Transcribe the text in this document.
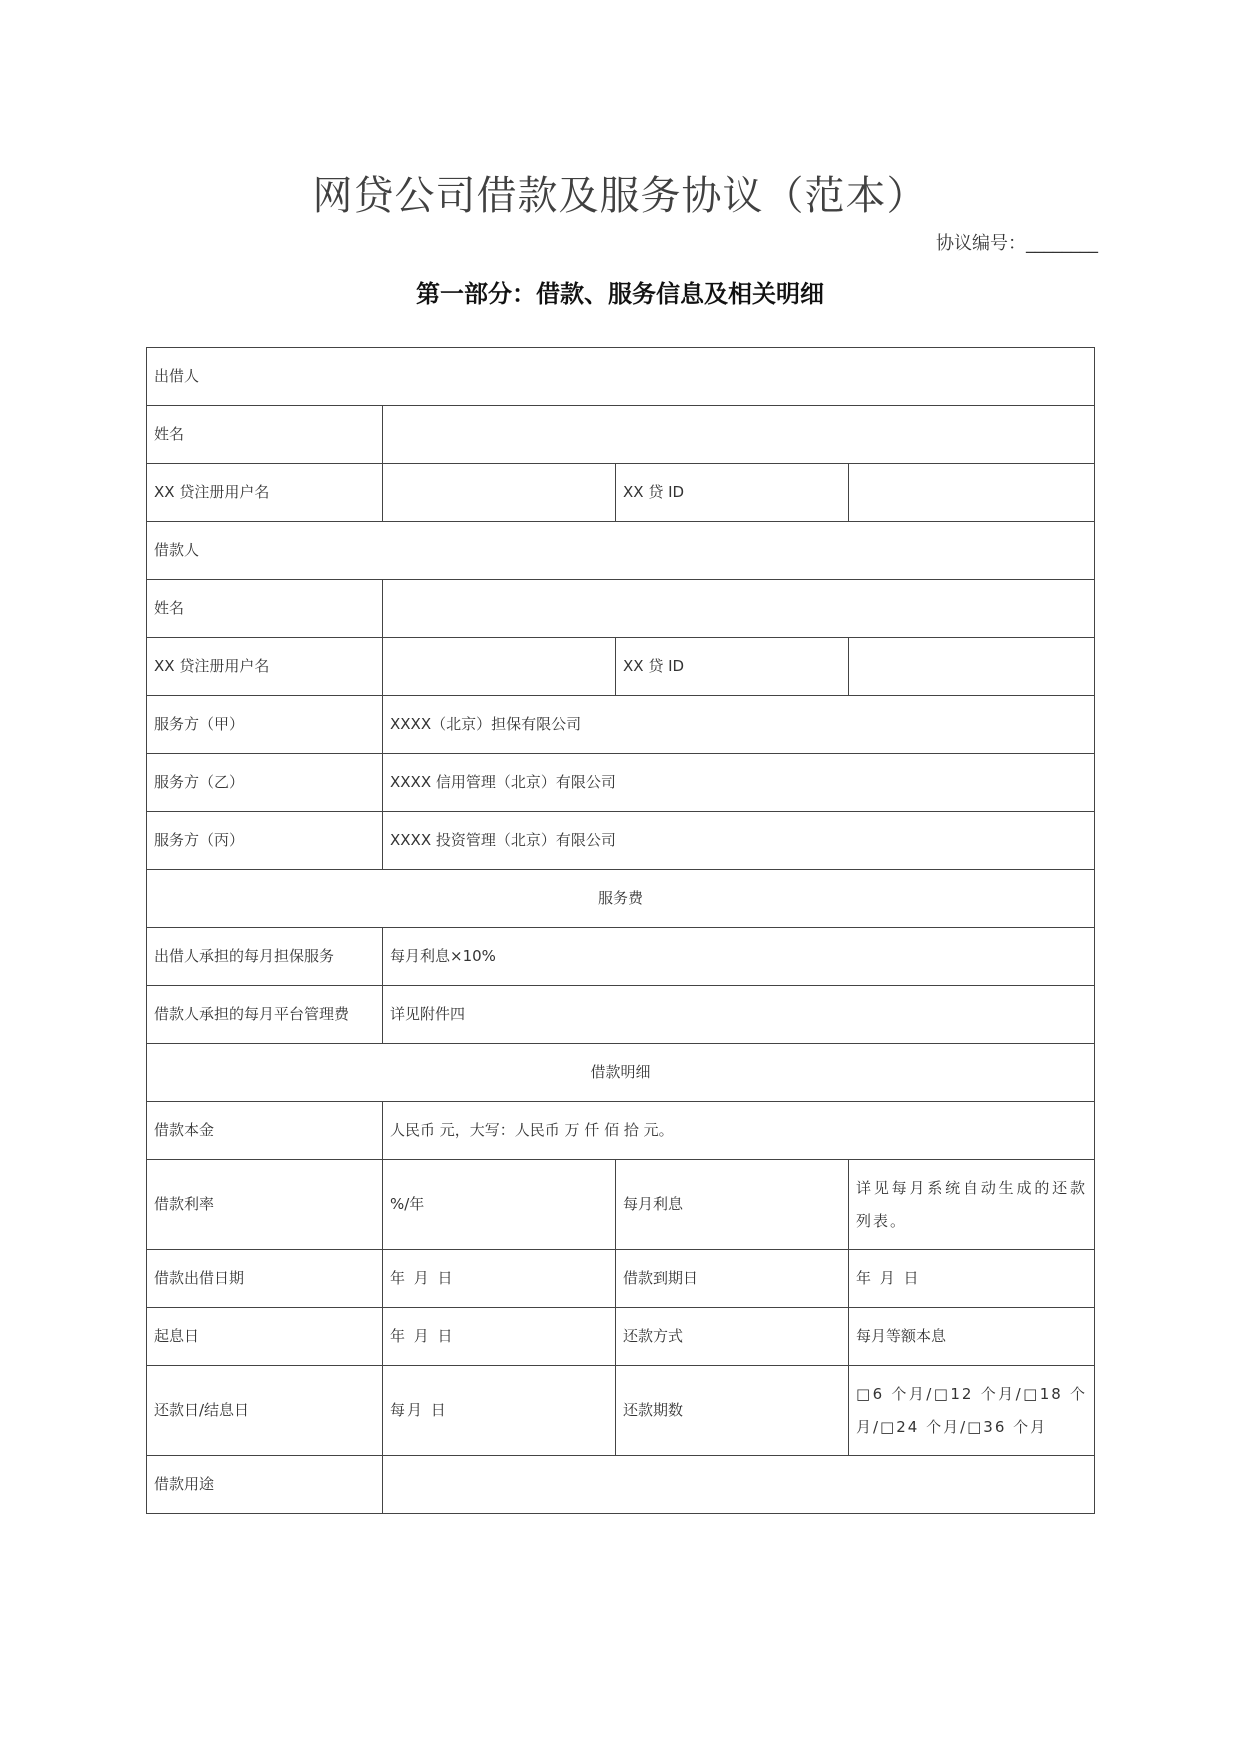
网贷公司借款及服务协议（范本）
协议编号：________
第一部分：借款、服务信息及相关明细
出借人			
姓名			
XX 贷注册用户名		XX 贷 ID	
借款人			
姓名			
XX 贷注册用户名		XX 贷 ID	
服务方（甲）	XXXX（北京）担保有限公司		
服务方（乙）	XXXX 信用管理（北京）有限公司		
服务方（丙）	XXXX 投资管理（北京）有限公司		
服务费			
出借人承担的每月担保服务	每月利息×10%		
借款人承担的每月平台管理费	详见附件四		
借款明细			
借款本金	人民币 元，大写：人民币 万 仟 佰 拾 元。		
借款利率	%/年	每月利息	详见每月系统自动生成的还款列表。
借款出借日期	年 月 日	借款到期日	年 月 日
起息日	年 月 日	还款方式	每月等额本息
还款日/结息日	每月 日	还款期数	□6 个月/□12 个月/□18 个月/□24 个月/□36 个月
借款用途			
